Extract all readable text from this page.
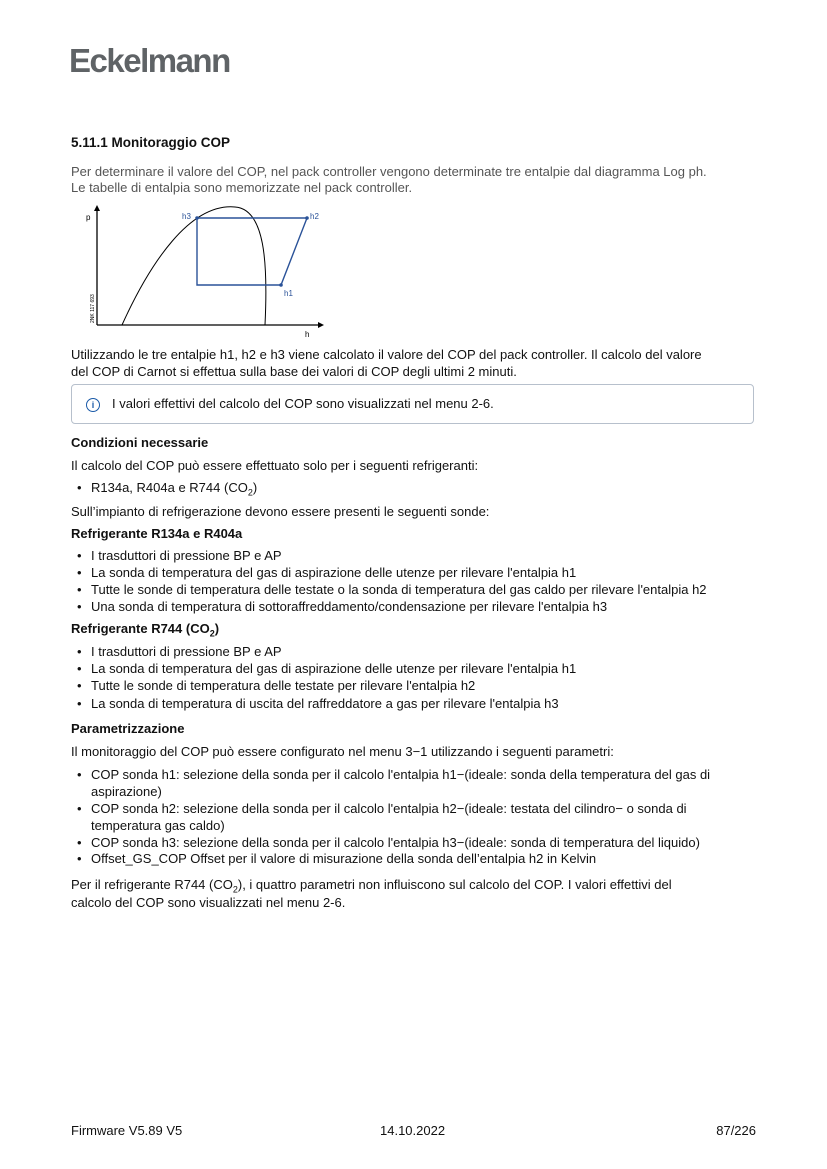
Eckelmann
5.11.1 Monitoraggio COP
Per determinare il valore del COP, nel pack controller vengono determinate tre entalpie dal diagramma Log ph.
Le tabelle di entalpia sono memorizzate nel pack controller.
p
h
h3	h2
h1
2NK 117 693
Utilizzando le tre entalpie h1, h2 e h3 viene calcolato il valore del COP del pack controller. Il calcolo del valore
del COP di Carnot si effettua sulla base dei valori di COP degli ultimi 2 minuti.
i	I valori effettivi del calcolo del COP sono visualizzati nel menu 2-6.
Condizioni necessarie
Il calcolo del COP può essere effettuato solo per i seguenti refrigeranti:
• R134a, R404a e R744 $(CO_2)$
Sull’impianto di refrigerazione devono essere presenti le seguenti sonde:
Refrigerante R134a e R404a
• I trasduttori di pressione BP e AP
• La sonda di temperatura del gas di aspirazione delle utenze per rilevare l'entalpia h1
• Tutte le sonde di temperatura delle testate o la sonda di temperatura del gas caldo per rilevare l'entalpia h2
• Una sonda di temperatura di sottoraffreddamento/condensazione per rilevare l'entalpia h3
Refrigerante R744 $(CO_2)$
• I trasduttori di pressione BP e AP
• La sonda di temperatura del gas di aspirazione delle utenze per rilevare l'entalpia h1
• Tutte le sonde di temperatura delle testate per rilevare l'entalpia h2
• La sonda di temperatura di uscita del raffreddatore a gas per rilevare l'entalpia h3
Parametrizzazione
Il monitoraggio del COP può essere configurato nel menu 3−1 utilizzando i seguenti parametri:
• COP sonda h1: selezione della sonda per il calcolo l'entalpia h1−(ideale: sonda della temperatura del gas di
aspirazione)
• COP sonda h2: selezione della sonda per il calcolo l'entalpia h2−(ideale: testata del cilindro− o sonda di
temperatura gas caldo)
• COP sonda h3: selezione della sonda per il calcolo l'entalpia h3−(ideale: sonda di temperatura del liquido)
• Offset_GS_COP Offset per il valore di misurazione della sonda dell’entalpia h2 in Kelvin
Per il refrigerante R744 $(CO_2)$, i quattro parametri non influiscono sul calcolo del COP. I valori effettivi del
calcolo del COP sono visualizzati nel menu 2-6.
Firmware V5.89 V5	14.10.2022	87/226
